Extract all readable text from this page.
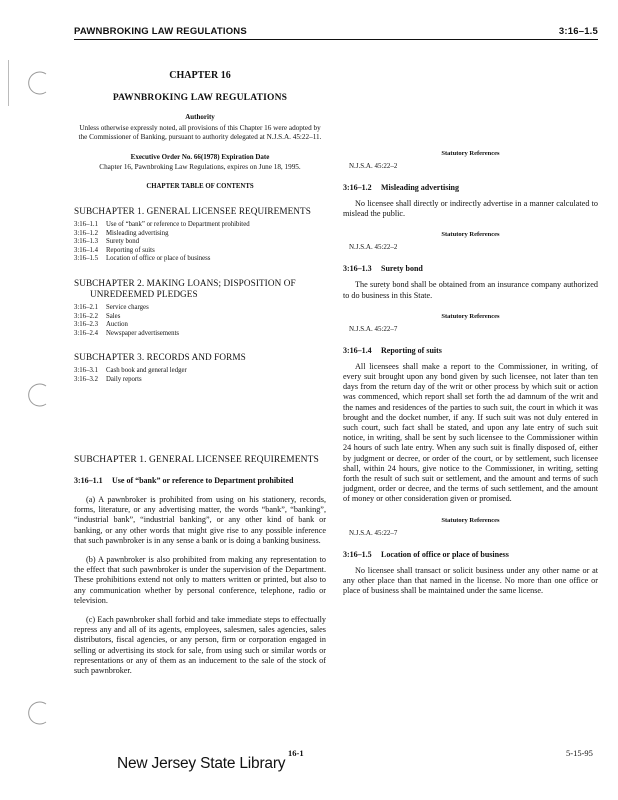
PAWNBROKING LAW REGULATIONS	3:16–1.5
CHAPTER 16
PAWNBROKING LAW REGULATIONS
Authority
Unless otherwise expressly noted, all provisions of this Chapter 16 were adopted by the Commissioner of Banking, pursuant to authority delegated at N.J.S.A. 45:22–11.
Executive Order No. 66(1978) Expiration Date
Chapter 16, Pawnbroking Law Regulations, expires on June 18, 1995.
CHAPTER TABLE OF CONTENTS
SUBCHAPTER 1. GENERAL LICENSEE REQUIREMENTS
3:16–1.1	Use of “bank” or reference to Department prohibited
3:16–1.2	Misleading advertising
3:16–1.3	Surety bond
3:16–1.4	Reporting of suits
3:16–1.5	Location of office or place of business
SUBCHAPTER 2. MAKING LOANS; DISPOSITION OF UNREDEEMED PLEDGES
3:16–2.1	Service charges
3:16–2.2	Sales
3:16–2.3	Auction
3:16–2.4	Newspaper advertisements
SUBCHAPTER 3. RECORDS AND FORMS
3:16–3.1	Cash book and general ledger
3:16–3.2	Daily reports
SUBCHAPTER 1. GENERAL LICENSEE REQUIREMENTS
3:16–1.1	Use of “bank” or reference to Department prohibited

(a) A pawnbroker is prohibited from using on his stationery, records, forms, literature, or any advertising matter, the words “bank”, “banking”, “industrial bank”, “industrial banking”, or any other kind of bank or banking, or any other words that might give rise to any possible inference that such pawnbroker is in any sense a bank or is doing a banking business.

(b) A pawnbroker is also prohibited from making any representation to the effect that such pawnbroker is under the supervision of the Department. These prohibitions extend not only to matters written or printed, but also to any communication whether by personal conference, telephone, radio or television.

(c) Each pawnbroker shall forbid and take immediate steps to effectually repress any and all of its agents, employees, salesmen, sales agencies, sales distributors, fiscal agencies, or any person, firm or corporation engaged in selling or advertising its stock for sale, from using such or similar words or representations or any of them as an inducement to the sale of the stock of such pawnbroker.

Statutory References
N.J.S.A. 45:22–2
3:16–1.2	Misleading advertising

No licensee shall directly or indirectly advertise in a manner calculated to mislead the public.

Statutory References
N.J.S.A. 45:22–2
3:16–1.3	Surety bond

The surety bond shall be obtained from an insurance company authorized to do business in this State.

Statutory References
N.J.S.A. 45:22–7
3:16–1.4	Reporting of suits

All licensees shall make a report to the Commissioner, in writing, of every suit brought upon any bond given by such licensee, not later than ten days from the return day of the writ or other process by which suit or action was commenced, which report shall set forth the ad damnum of the writ and the names and residences of the parties to such suit, the court in which it was brought and the docket number, if any. If such suit was not duly entered in such court, such fact shall be stated, and upon any late entry of such suit notice, in writing, shall be sent by such licensee to the Commissioner within 24 hours of such late entry. When any such suit is finally disposed of, either by judgment or decree, or order of the court, or by settlement, such licensee shall, within 24 hours, give notice to the Commissioner, in writing, setting forth the result of such suit or settlement, and the amount and terms of such judgment, order or decree, and the terms of such settlement, and the amount of money or other consideration given or promised.

Statutory References
N.J.S.A. 45:22–7
3:16–1.5	Location of office or place of business

No licensee shall transact or solicit business under any other name or at any other place than that named in the license. No more than one office or place of business shall be maintained under the same license.

16-1	5-15-95
New Jersey State Library
